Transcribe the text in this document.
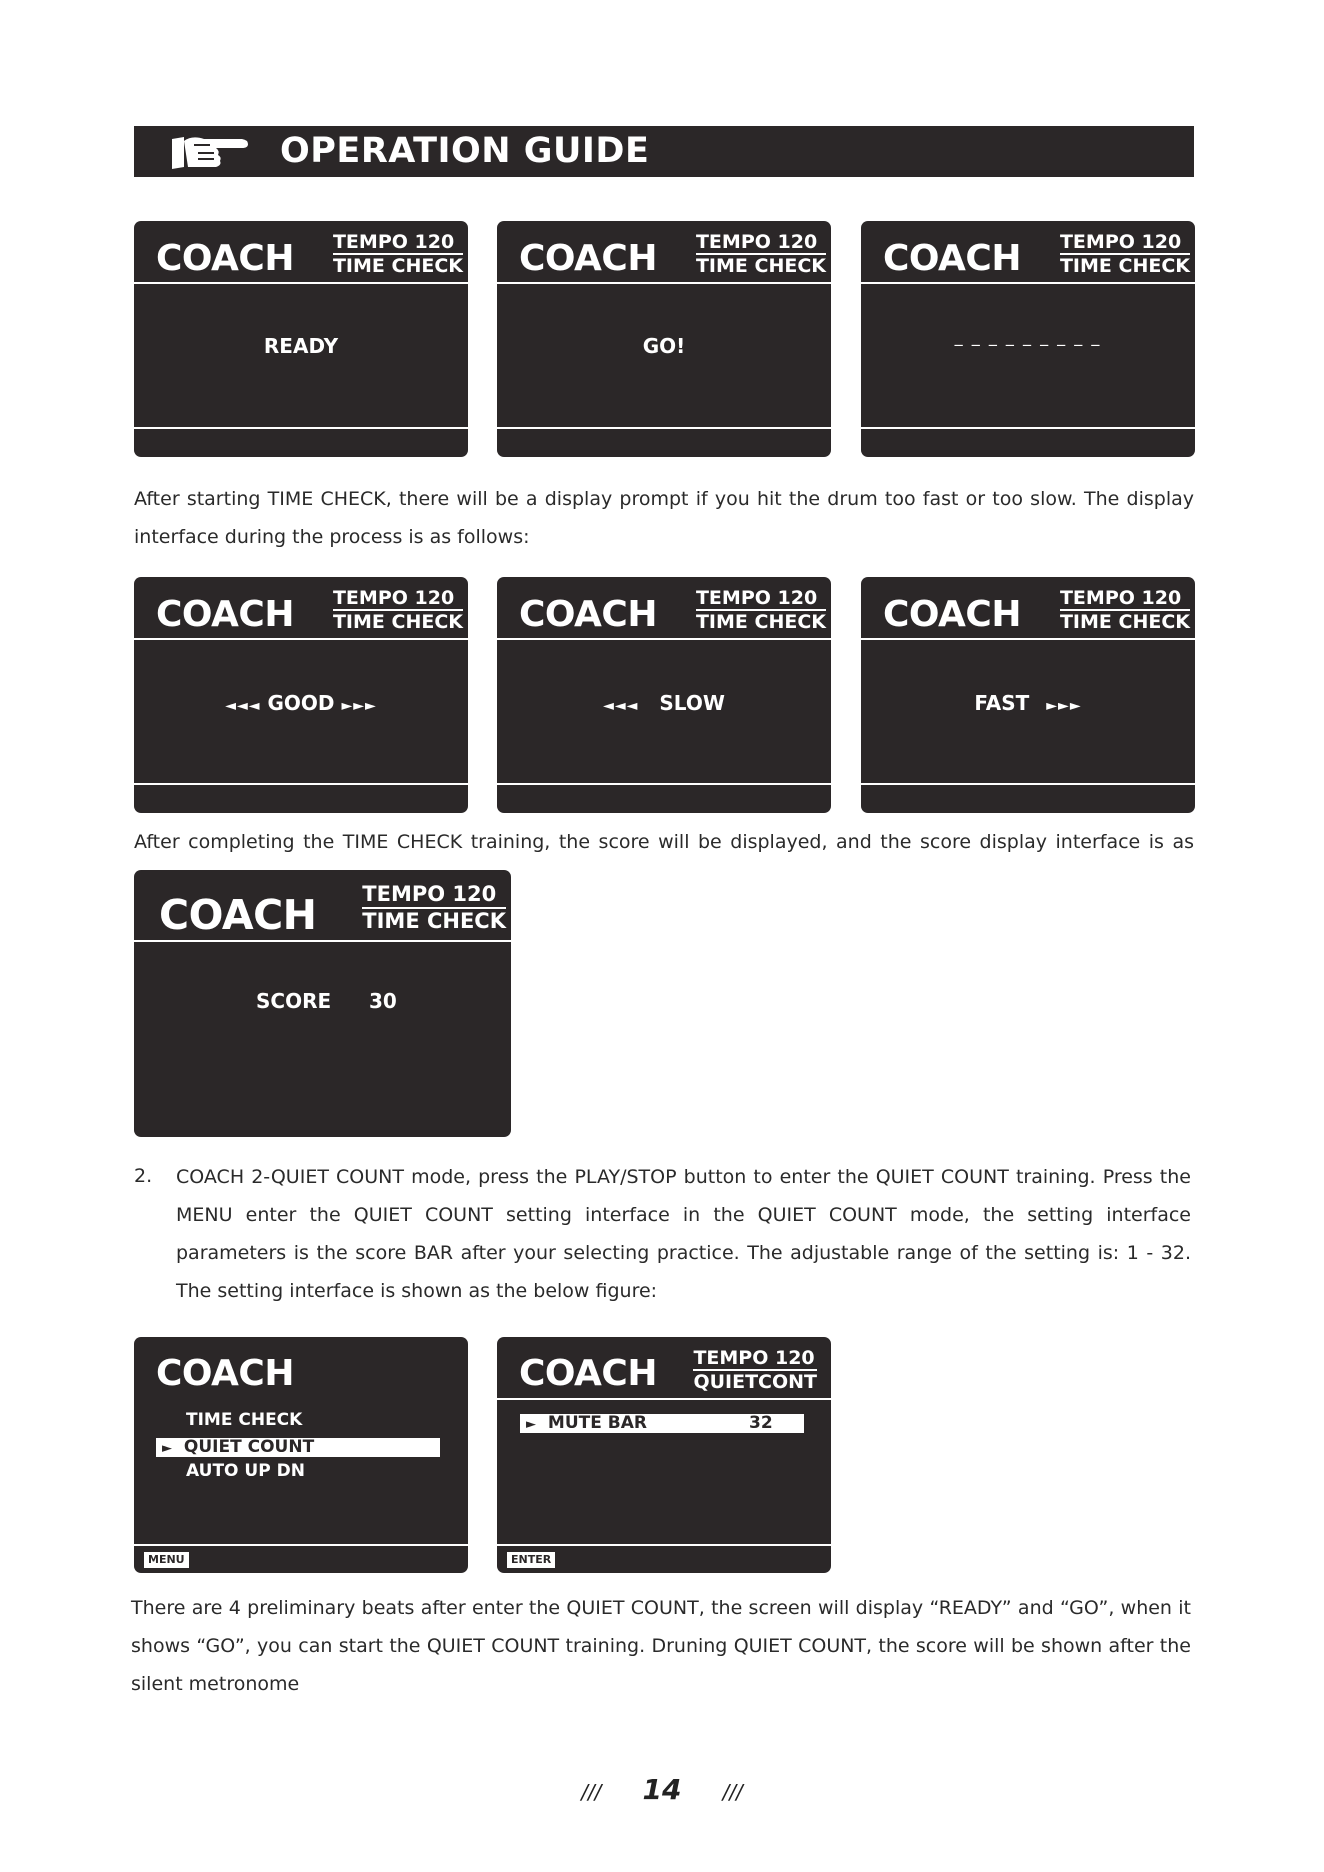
OPERATION GUIDE
COACH TEMPO 120
TIME CHECK
READY
COACH TEMPO 120
TIME CHECK
GO!
COACH TEMPO 120
TIME CHECK
_ _ _ _ _ _ _ _ _
After starting TIME CHECK, there will be a display prompt if you hit the drum too fast or too slow. The display interface during the process is as follows:
COACH TEMPO 120
TIME CHECK
◄◄◄ GOOD ►►►
COACH TEMPO 120
TIME CHECK
◄◄◄ SLOW
COACH TEMPO 120
TIME CHECK
FAST ►►►
After completing the TIME CHECK training, the score will be displayed, and the score display interface is as
COACH TEMPO 120
TIME CHECK
SCORE 30
2.	COACH 2-QUIET COUNT mode, press the PLAY/STOP button to enter the QUIET COUNT training. Press the MENU enter the QUIET COUNT setting interface in the QUIET COUNT mode, the setting interface parameters is the score BAR after your selecting practice. The adjustable range of the setting is: 1 - 32. The setting interface is shown as the below figure:
COACH
TIME CHECK
► QUIET COUNT
AUTO UP DN
MENU
COACH TEMPO 120
QUIETCONT
► MUTE BAR	32
ENTER
There are 4 preliminary beats after enter the QUIET COUNT, the screen will display “READY” and “GO”, when it shows “GO”, you can start the QUIET COUNT training. Druning QUIET COUNT, the score will be shown after the silent metronome
/// 14 ///
